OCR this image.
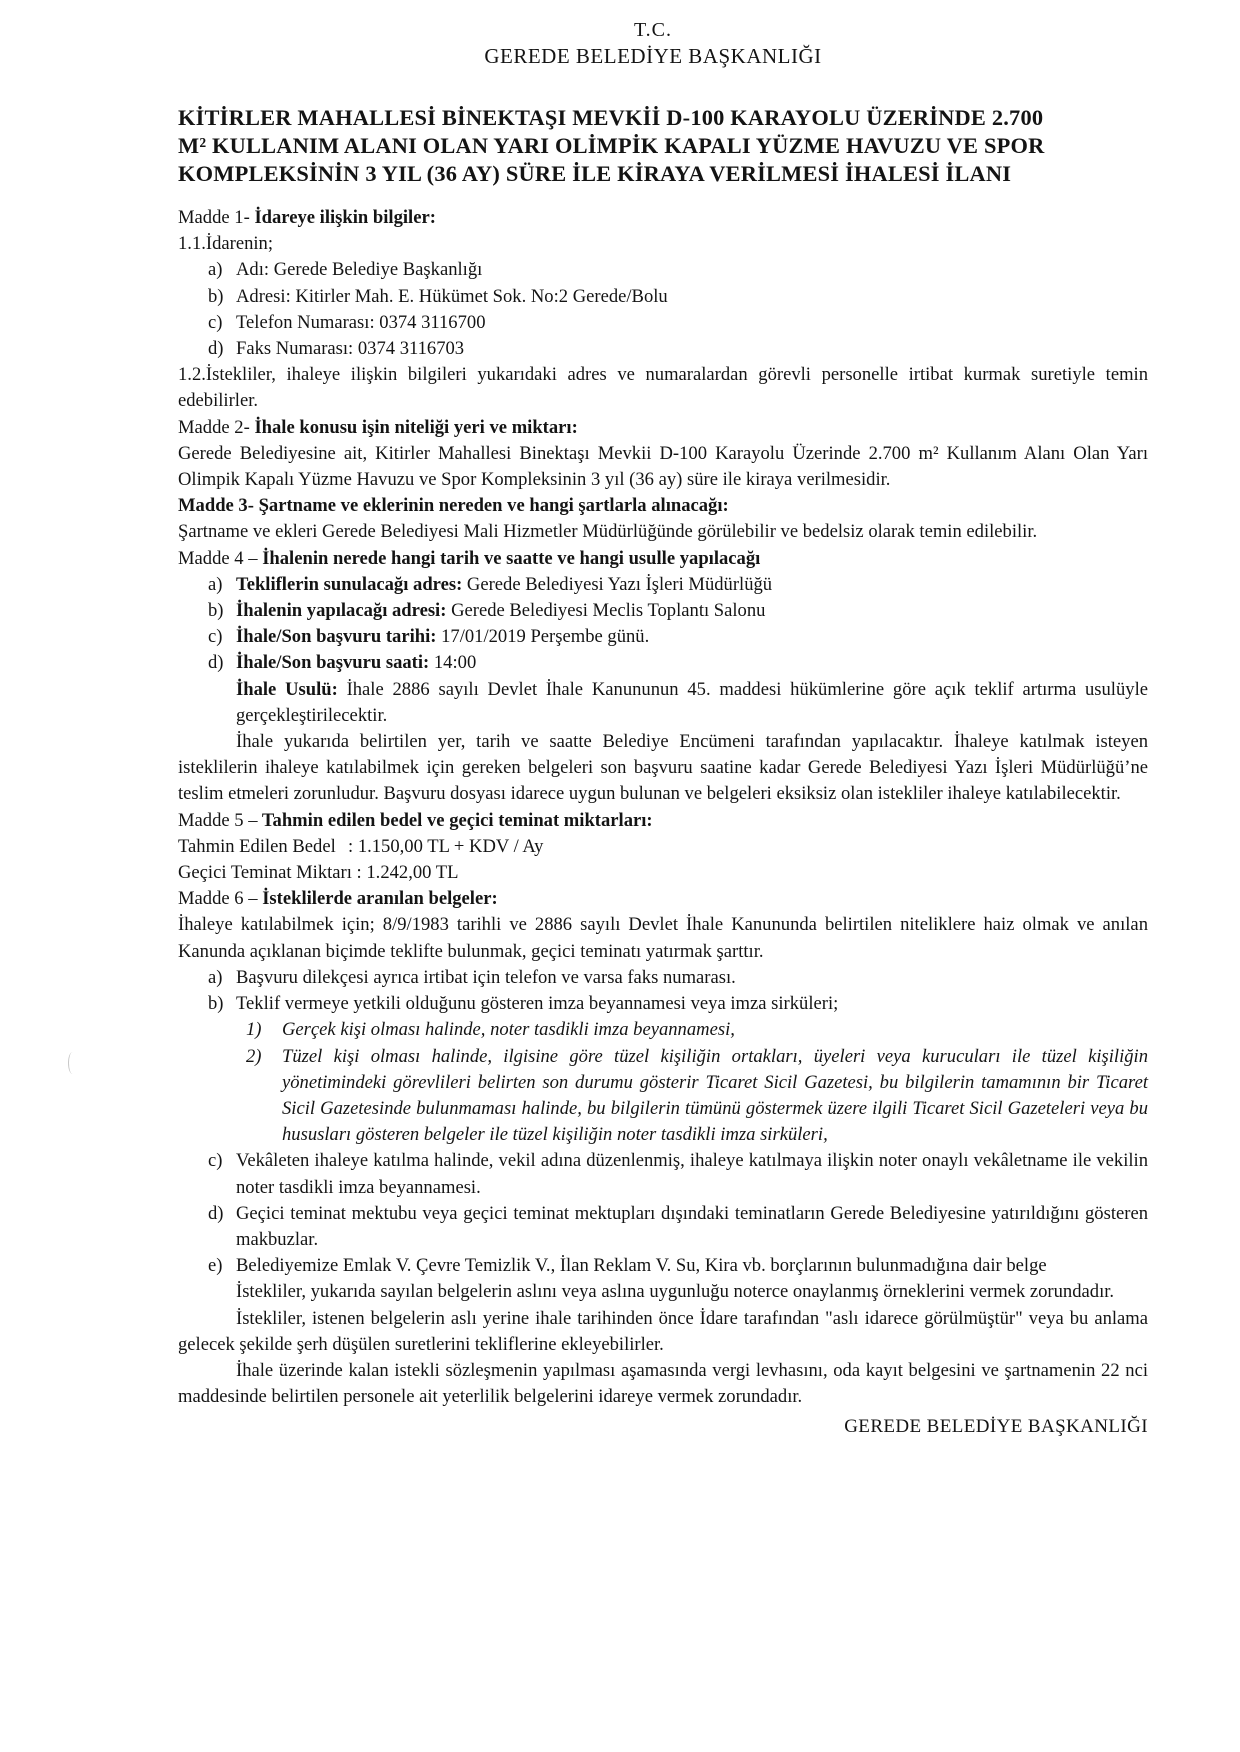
T.C.
GEREDE BELEDİYE BAŞKANLIĞI
KİTİRLER MAHALLESİ BİNEKTAŞI MEVKİİ D-100 KARAYOLU ÜZERİNDE 2.700
M² KULLANIM ALANI OLAN YARI OLİMPİK KAPALI YÜZME HAVUZU VE SPOR
KOMPLEKSİNİN 3 YIL (36 AY) SÜRE İLE KİRAYA VERİLMESİ İHALESİ İLANI
Madde 1- İdareye ilişkin bilgiler:
1.1.İdarenin;
a) Adı: Gerede Belediye Başkanlığı
b) Adresi: Kitirler Mah. E. Hükümet Sok. No:2 Gerede/Bolu
c) Telefon Numarası: 0374 3116700
d) Faks Numarası: 0374 3116703
1.2.İstekliler, ihaleye ilişkin bilgileri yukarıdaki adres ve numaralardan görevli personelle irtibat kurmak suretiyle temin edebilirler.
Madde 2- İhale konusu işin niteliği yeri ve miktarı:
Gerede Belediyesine ait, Kitirler Mahallesi Binektaşı Mevkii D-100 Karayolu Üzerinde 2.700 m² Kullanım Alanı Olan Yarı Olimpik Kapalı Yüzme Havuzu ve Spor Kompleksinin 3 yıl (36 ay) süre ile kiraya verilmesidir.
Madde 3- Şartname ve eklerinin nereden ve hangi şartlarla alınacağı:
Şartname ve ekleri Gerede Belediyesi Mali Hizmetler Müdürlüğünde görülebilir ve bedelsiz olarak temin edilebilir.
Madde 4 – İhalenin nerede hangi tarih ve saatte ve hangi usulle yapılacağı
a) Tekliflerin sunulacağı adres: Gerede Belediyesi Yazı İşleri Müdürlüğü
b) İhalenin yapılacağı adresi: Gerede Belediyesi Meclis Toplantı Salonu
c) İhale/Son başvuru tarihi: 17/01/2019 Perşembe günü.
d) İhale/Son başvuru saati: 14:00
İhale Usulü: İhale 2886 sayılı Devlet İhale Kanununun 45. maddesi hükümlerine göre açık teklif artırma usulüyle gerçekleştirilecektir.
İhale yukarıda belirtilen yer, tarih ve saatte Belediye Encümeni tarafından yapılacaktır. İhaleye katılmak isteyen isteklilerin ihaleye katılabilmek için gereken belgeleri son başvuru saatine kadar Gerede Belediyesi Yazı İşleri Müdürlüğü’ne teslim etmeleri zorunludur. Başvuru dosyası idarece uygun bulunan ve belgeleri eksiksiz olan istekliler ihaleye katılabilecektir.
Madde 5 – Tahmin edilen bedel ve geçici teminat miktarları:
Tahmin Edilen Bedel : 1.150,00 TL + KDV / Ay
Geçici Teminat Miktarı : 1.242,00 TL
Madde 6 – İsteklilerde aranılan belgeler:
İhaleye katılabilmek için; 8/9/1983 tarihli ve 2886 sayılı Devlet İhale Kanununda belirtilen niteliklere haiz olmak ve anılan Kanunda açıklanan biçimde teklifte bulunmak, geçici teminatı yatırmak şarttır.
a) Başvuru dilekçesi ayrıca irtibat için telefon ve varsa faks numarası.
b) Teklif vermeye yetkili olduğunu gösteren imza beyannamesi veya imza sirküleri;
1)	Gerçek kişi olması halinde, noter tasdikli imza beyannamesi,
2)	Tüzel kişi olması halinde, ilgisine göre tüzel kişiliğin ortakları, üyeleri veya kurucuları ile tüzel kişiliğin yönetimindeki görevlileri belirten son durumu gösterir Ticaret Sicil Gazetesi, bu bilgilerin tamamının bir Ticaret Sicil Gazetesinde bulunmaması halinde, bu bilgilerin tümünü göstermek üzere ilgili Ticaret Sicil Gazeteleri veya bu hususları gösteren belgeler ile tüzel kişiliğin noter tasdikli imza sirküleri,
c) Vekâleten ihaleye katılma halinde, vekil adına düzenlenmiş, ihaleye katılmaya ilişkin noter onaylı vekâletname ile vekilin noter tasdikli imza beyannamesi.
d) Geçici teminat mektubu veya geçici teminat mektupları dışındaki teminatların Gerede Belediyesine yatırıldığını gösteren makbuzlar.
e) Belediyemize Emlak V. Çevre Temizlik V., İlan Reklam V. Su, Kira vb. borçlarının bulunmadığına dair belge
İstekliler, yukarıda sayılan belgelerin aslını veya aslına uygunluğu noterce onaylanmış örneklerini vermek zorundadır.
İstekliler, istenen belgelerin aslı yerine ihale tarihinden önce İdare tarafından "aslı idarece görülmüştür" veya bu anlama gelecek şekilde şerh düşülen suretlerini tekliflerine ekleyebilirler.
İhale üzerinde kalan istekli sözleşmenin yapılması aşamasında vergi levhasını, oda kayıt belgesini ve şartnamenin 22 nci maddesinde belirtilen personele ait yeterlilik belgelerini idareye vermek zorundadır.
GEREDE BELEDİYE BAŞKANLIĞI
